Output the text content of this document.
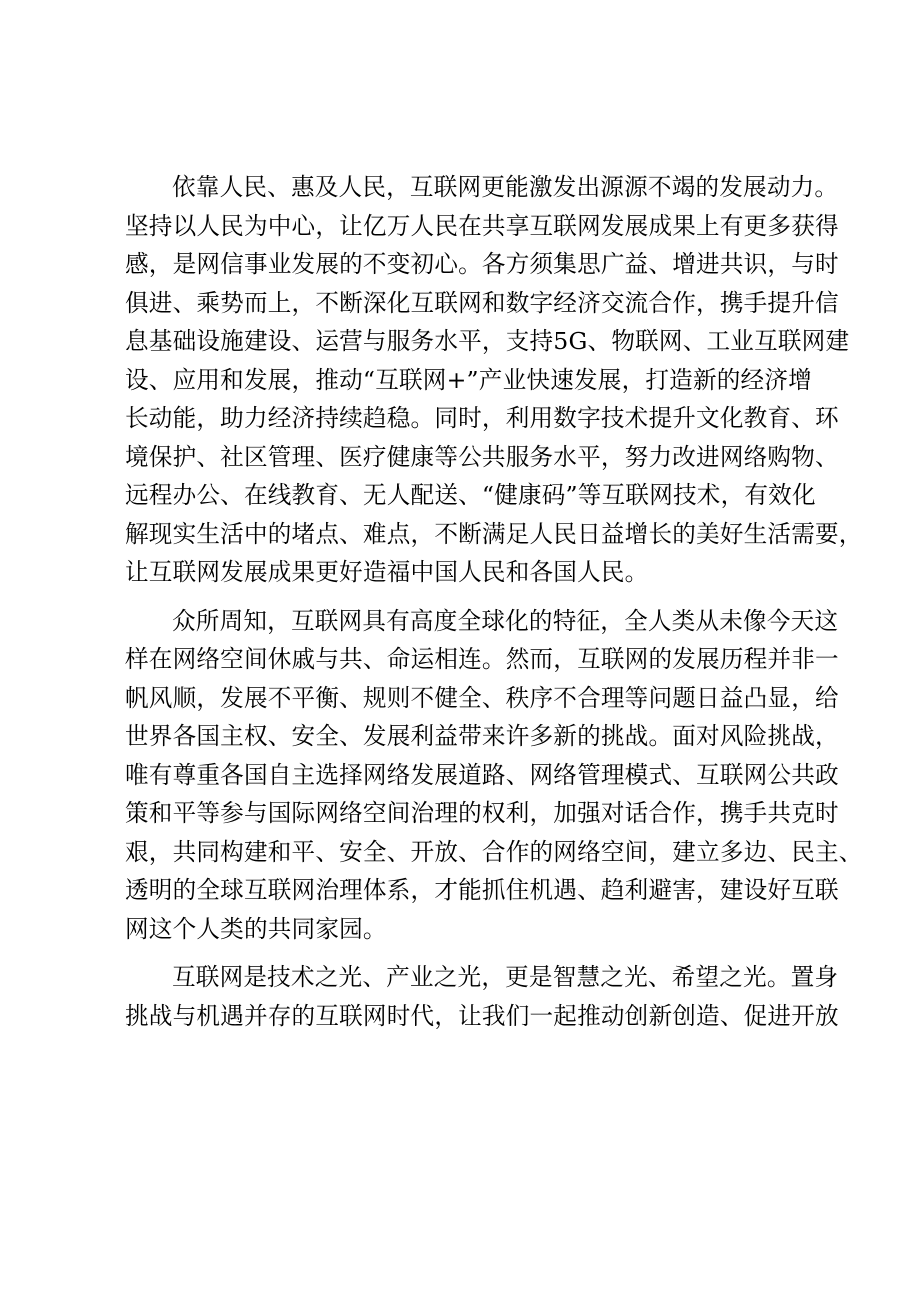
依靠人民、惠及人民，互联网更能激发出源源不竭的发展动力。
坚持以人民为中心，让亿万人民在共享互联网发展成果上有更多获得
感，是网信事业发展的不变初心。各方须集思广益、增进共识，与时
俱进、乘势而上，不断深化互联网和数字经济交流合作，携手提升信
息基础设施建设、运营与服务水平，支持5G、物联网、工业互联网建
设、应用和发展，推动“互联网+”产业快速发展，打造新的经济增
长动能，助力经济持续趋稳。同时，利用数字技术提升文化教育、环
境保护、社区管理、医疗健康等公共服务水平，努力改进网络购物、
远程办公、在线教育、无人配送、“健康码”等互联网技术，有效化
解现实生活中的堵点、难点，不断满足人民日益增长的美好生活需要，
让互联网发展成果更好造福中国人民和各国人民。

众所周知，互联网具有高度全球化的特征，全人类从未像今天这
样在网络空间休戚与共、命运相连。然而，互联网的发展历程并非一
帆风顺，发展不平衡、规则不健全、秩序不合理等问题日益凸显，给
世界各国主权、安全、发展利益带来许多新的挑战。面对风险挑战，
唯有尊重各国自主选择网络发展道路、网络管理模式、互联网公共政
策和平等参与国际网络空间治理的权利，加强对话合作，携手共克时
艰，共同构建和平、安全、开放、合作的网络空间，建立多边、民主、
透明的全球互联网治理体系，才能抓住机遇、趋利避害，建设好互联
网这个人类的共同家园。

互联网是技术之光、产业之光，更是智慧之光、希望之光。置身
挑战与机遇并存的互联网时代，让我们一起推动创新创造、促进开放
